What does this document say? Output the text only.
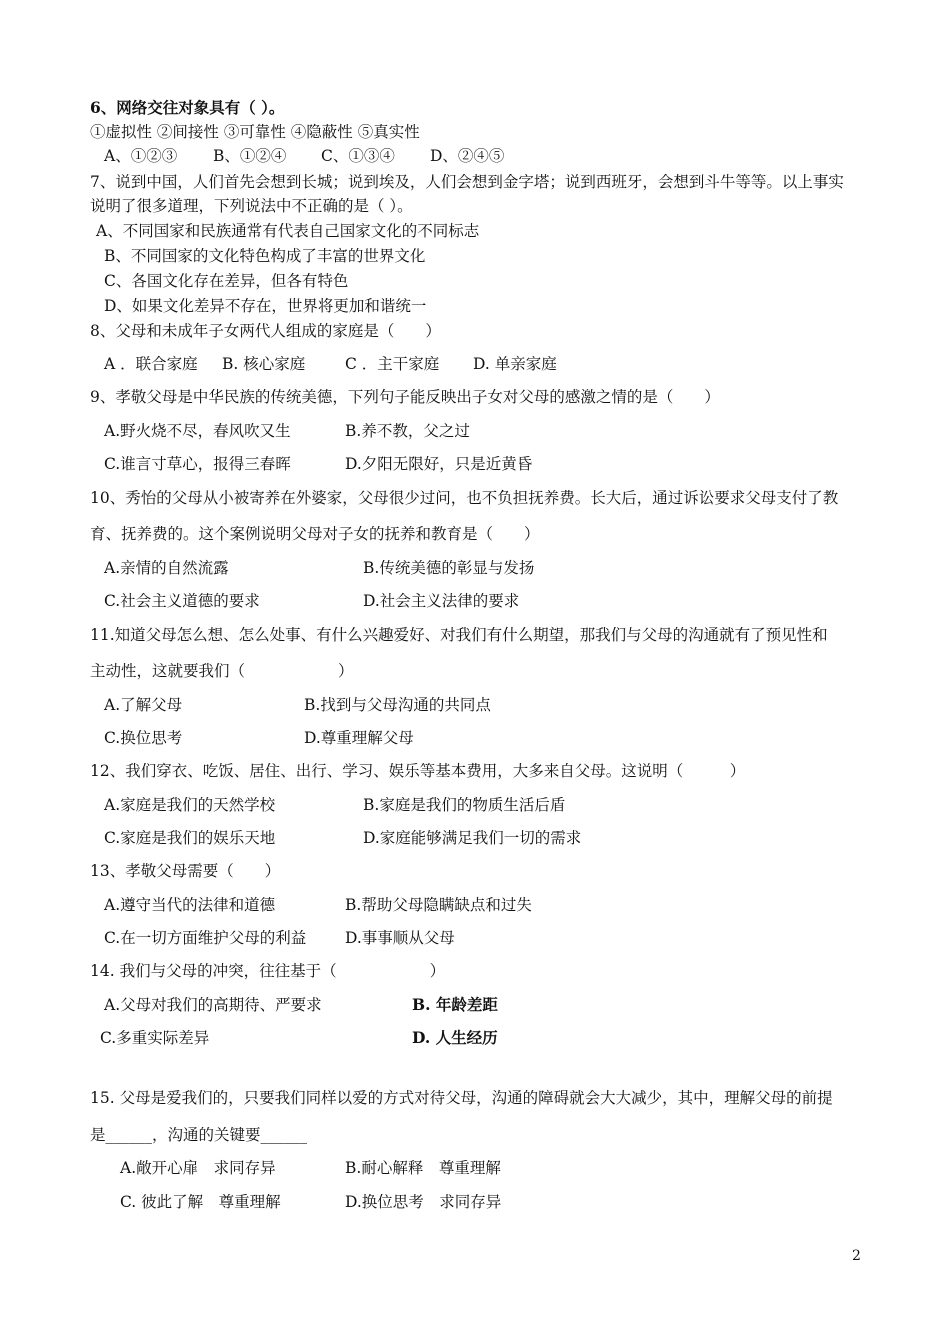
6、网络交往对象具有（ ）。
①虚拟性 ②间接性 ③可靠性 ④隐蔽性 ⑤真实性
A、①②③ B、①②④ C、①③④ D、②④⑤
7、说到中国，人们首先会想到长城；说到埃及，人们会想到金字塔；说到西班牙，会想到斗牛等等。以上事实
说明了很多道理，下列说法中不正确的是（ ）。
A、不同国家和民族通常有代表自己国家文化的不同标志
B、不同国家的文化特色构成了丰富的世界文化
C、各国文化存在差异，但各有特色
D、如果文化差异不存在，世界将更加和谐统一
8、父母和未成年子女两代人组成的家庭是（　　）
A ．联合家庭 B. 核心家庭	C ．主干家庭 D. 单亲家庭
9、孝敬父母是中华民族的传统美德，下列句子能反映出子女对父母的感激之情的是（　　）
A.野火烧不尽，春风吹又生	B.养不教，父之过
C.谁言寸草心，报得三春晖	D.夕阳无限好，只是近黄昏
10、秀怡的父母从小被寄养在外婆家，父母很少过问，也不负担抚养费。长大后，通过诉讼要求父母支付了教
育、抚养费的。这个案例说明父母对子女的抚养和教育是（　　）
A.亲情的自然流露	B.传统美德的彰显与发扬
C.社会主义道德的要求	D.社会主义法律的要求
11.知道父母怎么想、怎么处事、有什么兴趣爱好、对我们有什么期望，那我们与父母的沟通就有了预见性和
主动性，这就要我们（　　　　　　）
A.了解父母	B.找到与父母沟通的共同点
C.换位思考	D.尊重理解父母
12、我们穿衣、吃饭、居住、出行、学习、娱乐等基本费用，大多来自父母。这说明（　　　）
A.家庭是我们的天然学校	B.家庭是我们的物质生活后盾
C.家庭是我们的娱乐天地	D.家庭能够满足我们一切的需求
13、孝敬父母需要（　　）
A.遵守当代的法律和道德	B.帮助父母隐瞒缺点和过失
C.在一切方面维护父母的利益	D.事事顺从父母
14. 我们与父母的冲突，往往基于（　　　　　　）
A.父母对我们的高期待、严要求	B. 年龄差距
C.多重实际差异	D. 人生经历
15. 父母是爱我们的，只要我们同样以爱的方式对待父母，沟通的障碍就会大大减少，其中，理解父母的前提
是______，沟通的关键要______
A.敞开心扉　求同存异	B.耐心解释　尊重理解
C. 彼此了解　尊重理解	D.换位思考　求同存异
2
